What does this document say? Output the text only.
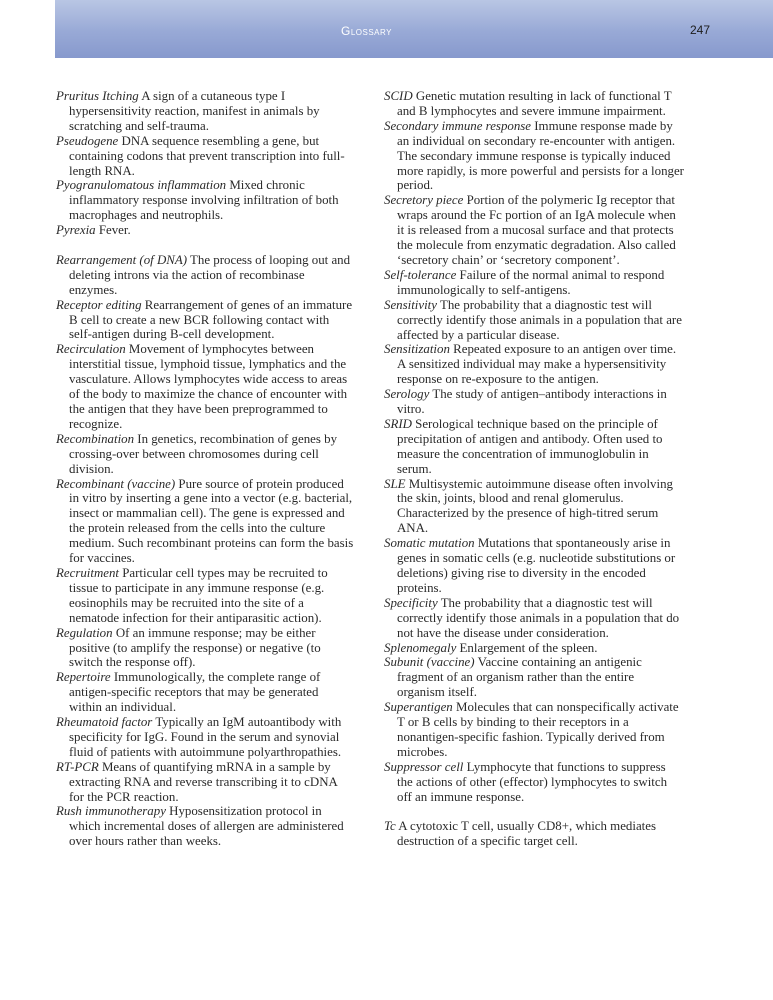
Glossary	247

Pruritus Itching A sign of a cutaneous type I hypersensitivity reaction, manifest in animals by scratching and self-trauma.

Pseudogene DNA sequence resembling a gene, but containing codons that prevent transcription into full-length RNA.

Pyogranulomatous inflammation Mixed chronic inflammatory response involving infiltration of both macrophages and neutrophils.

Pyrexia Fever.

Rearrangement (of DNA) The process of looping out and deleting introns via the action of recombinase enzymes.

Receptor editing Rearrangement of genes of an immature B cell to create a new BCR following contact with self-antigen during B-cell development.

Recirculation Movement of lymphocytes between interstitial tissue, lymphoid tissue, lymphatics and the vasculature. Allows lymphocytes wide access to areas of the body to maximize the chance of encounter with the antigen that they have been preprogrammed to recognize.

Recombination In genetics, recombination of genes by crossing-over between chromosomes during cell division.

Recombinant (vaccine) Pure source of protein produced in vitro by inserting a gene into a vector (e.g. bacterial, insect or mammalian cell). The gene is expressed and the protein released from the cells into the culture medium. Such recombinant proteins can form the basis for vaccines.

Recruitment Particular cell types may be recruited to tissue to participate in any immune response (e.g. eosinophils may be recruited into the site of a nematode infection for their antiparasitic action).

Regulation Of an immune response; may be either positive (to amplify the response) or negative (to switch the response off).

Repertoire Immunologically, the complete range of antigen-specific receptors that may be generated within an individual.

Rheumatoid factor Typically an IgM autoantibody with specificity for IgG. Found in the serum and synovial fluid of patients with autoimmune polyarthropathies.

RT-PCR Means of quantifying mRNA in a sample by extracting RNA and reverse transcribing it to cDNA for the PCR reaction.

Rush immunotherapy Hyposensitization protocol in which incremental doses of allergen are administered over hours rather than weeks.

SCID Genetic mutation resulting in lack of functional T and B lymphocytes and severe immune impairment.

Secondary immune response Immune response made by an individual on secondary re-encounter with antigen. The secondary immune response is typically induced more rapidly, is more powerful and persists for a longer period.

Secretory piece Portion of the polymeric Ig receptor that wraps around the Fc portion of an IgA molecule when it is released from a mucosal surface and that protects the molecule from enzymatic degradation. Also called ‘secretory chain’ or ‘secretory component’.

Self-tolerance Failure of the normal animal to respond immunologically to self-antigens.

Sensitivity The probability that a diagnostic test will correctly identify those animals in a population that are affected by a particular disease.

Sensitization Repeated exposure to an antigen over time. A sensitized individual may make a hypersensitivity response on re-exposure to the antigen.

Serology The study of antigen–antibody interactions in vitro.

SRID Serological technique based on the principle of precipitation of antigen and antibody. Often used to measure the concentration of immunoglobulin in serum.

SLE Multisystemic autoimmune disease often involving the skin, joints, blood and renal glomerulus. Characterized by the presence of high-titred serum ANA.

Somatic mutation Mutations that spontaneously arise in genes in somatic cells (e.g. nucleotide substitutions or deletions) giving rise to diversity in the encoded proteins.

Specificity The probability that a diagnostic test will correctly identify those animals in a population that do not have the disease under consideration.

Splenomegaly Enlargement of the spleen.

Subunit (vaccine) Vaccine containing an antigenic fragment of an organism rather than the entire organism itself.

Superantigen Molecules that can nonspecifically activate T or B cells by binding to their receptors in a nonantigen-specific fashion. Typically derived from microbes.

Suppressor cell Lymphocyte that functions to suppress the actions of other (effector) lymphocytes to switch off an immune response.

Tc A cytotoxic T cell, usually CD8+, which mediates destruction of a specific target cell.
